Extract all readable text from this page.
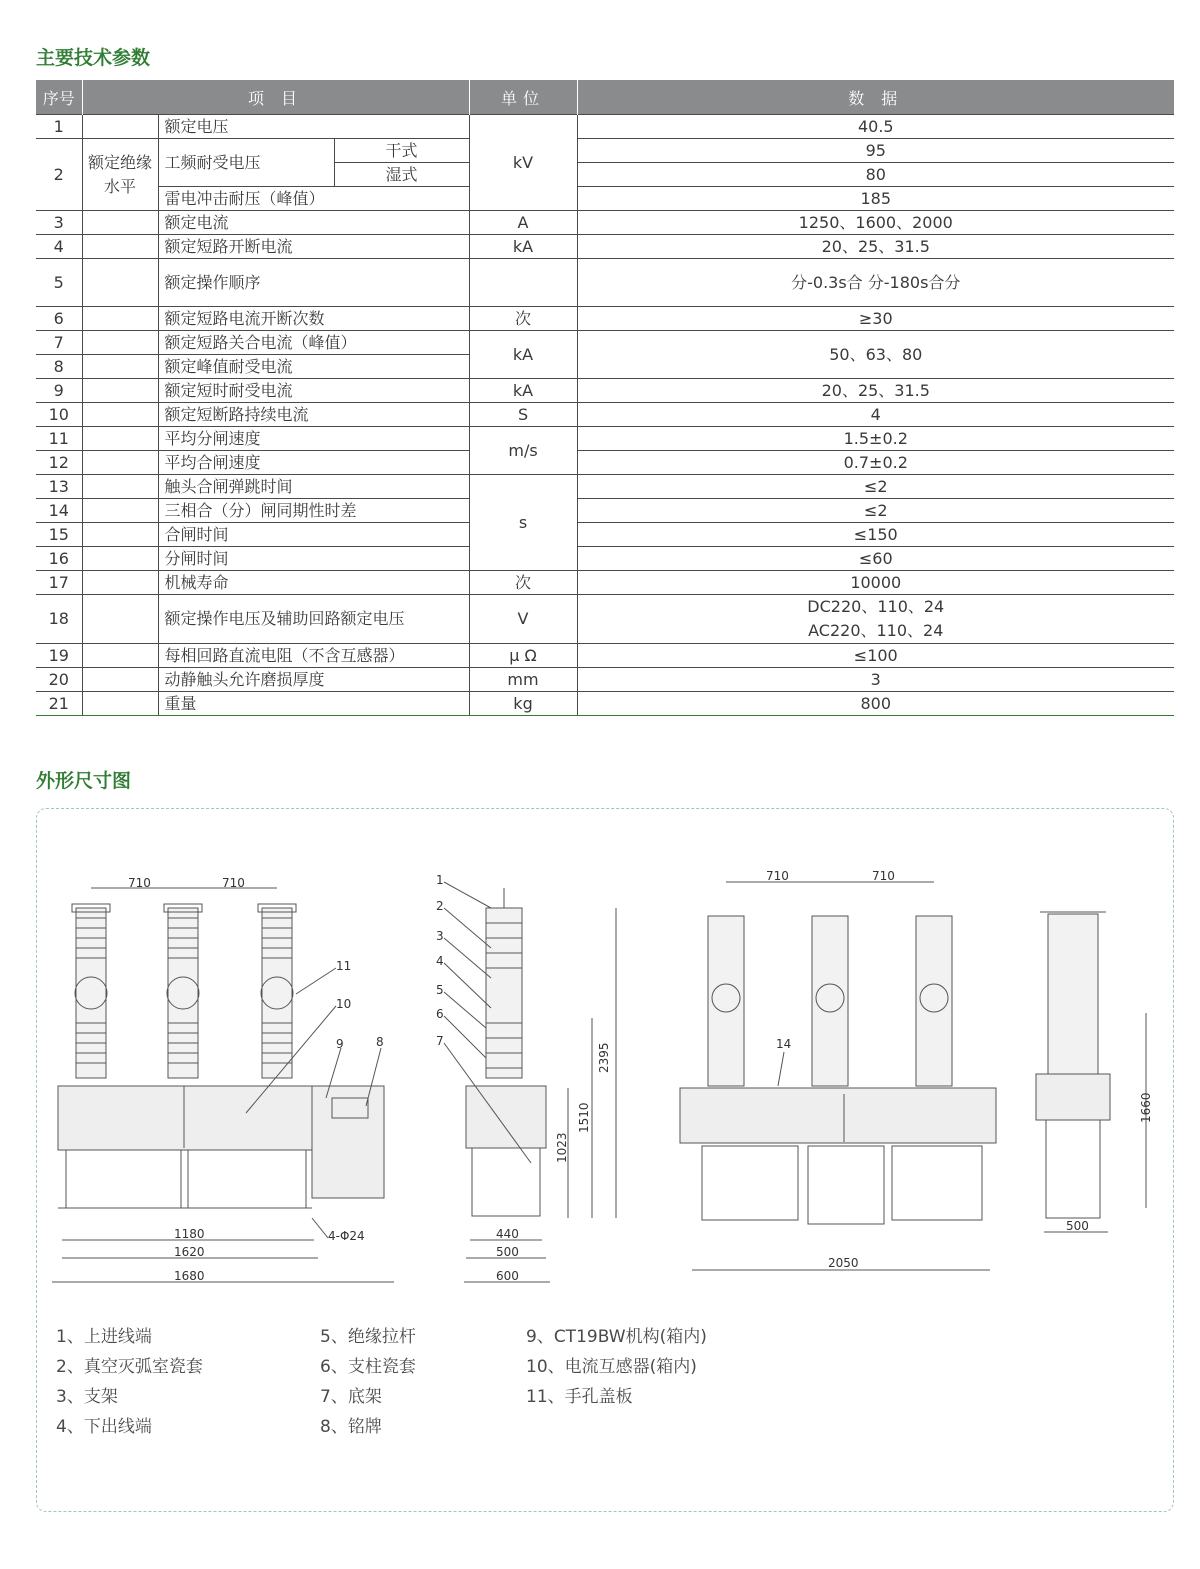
主要技术参数
序号	项 目			单位	数 据
1		额定电压		kV	40.5
2	额定绝缘水平	工频耐受电压	干式		95
			湿式		80
		雷电冲击耐压（峰值）			185
3		额定电流		A	1250、1600、2000
4		额定短路开断电流		kA	20、25、31.5
5		额定操作顺序			分-0.3s合 分-180s合分
6		额定短路电流开断次数		次	≥30
7		额定短路关合电流（峰值）		kA	50、63、80
8		额定峰值耐受电流			
9		额定短时耐受电流		kA	20、25、31.5
10		额定短断路持续电流		S	4
11		平均分闸速度		m/s	1.5±0.2
12		平均合闸速度			0.7±0.2
13		触头合闸弹跳时间		s	≤2
14		三相合（分）闸同期性时差			≤2
15		合闸时间			≤150
16		分闸时间			≤60
17		机械寿命		次	10000
18		额定操作电压及辅助回路额定电压		V	DC220、110、24
AC220、110、24

19		每相回路直流电阻（不含互感器）		μ Ω	≤100
20		动静触头允许磨损厚度		mm	3
21		重量		kg	800
外形尺寸图
710	710
1180
1620
1680
4-Φ24
11
10
9	8
1
2
3
4
5
6
7
2395
1510
1023
440
500
600
710	710
2050
14
1660
500
1、上进线端
2、真空灭弧室瓷套
3、支架
4、下出线端
5、绝缘拉杆
6、支柱瓷套
7、底架
8、铭牌
9、CT19BW机构(箱内)
10、电流互感器(箱内)
11、手孔盖板
